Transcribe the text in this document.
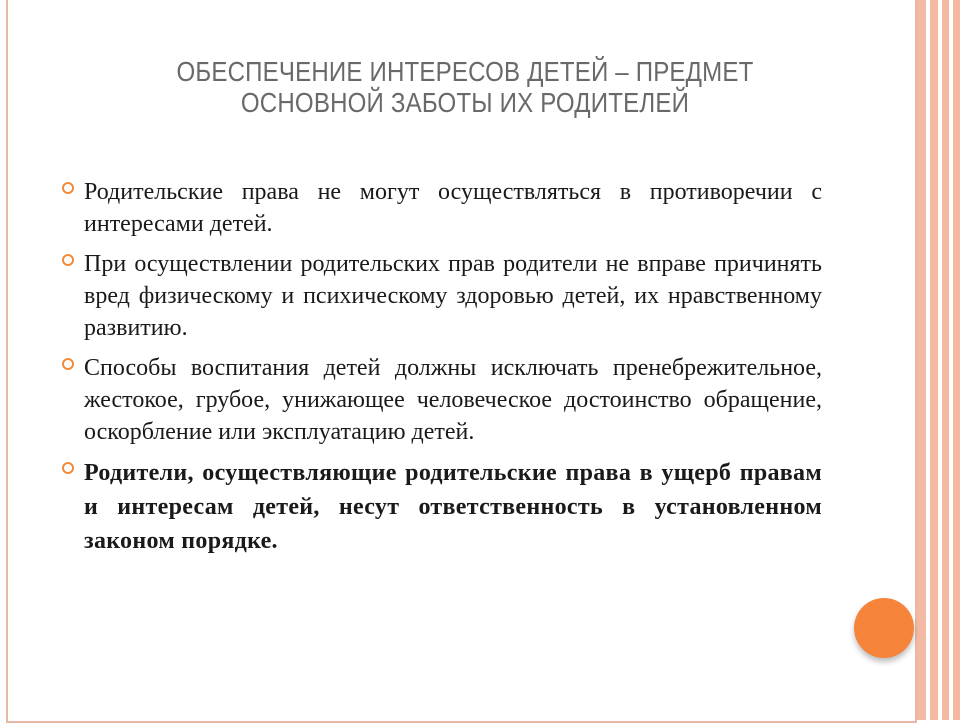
ОБЕСПЕЧЕНИЕ ИНТЕРЕСОВ ДЕТЕЙ – ПРЕДМЕТ
ОСНОВНОЙ ЗАБОТЫ ИХ РОДИТЕЛЕЙ
Родительские права не могут осуществляться в противоречии с интересами детей.
При осуществлении родительских прав родители не вправе причинять вред физическому и психическому здоровью детей, их нравственному развитию.
Способы воспитания детей должны исключать пренебрежительное, жестокое, грубое, унижающее человеческое достоинство обращение, оскорбление или эксплуатацию детей.
Родители, осуществляющие родительские права в ущерб правам и интересам детей, несут ответственность в установленном законом порядке.
